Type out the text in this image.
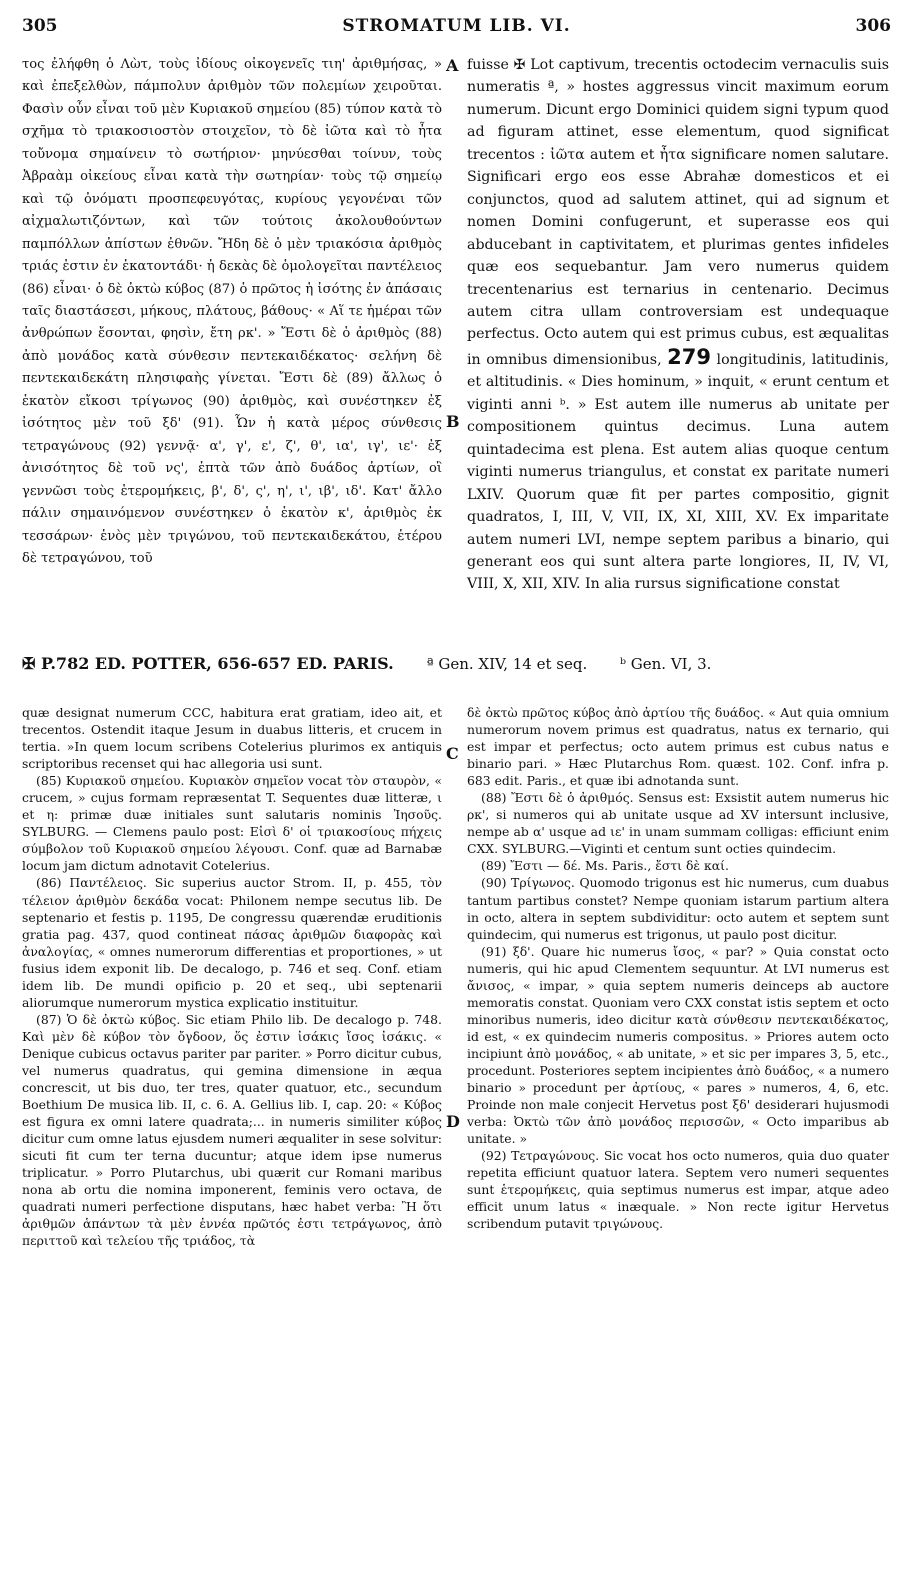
305	STROMATUM LIB. VI.	306

τος ἐλήφθη ὁ Λὼτ, τοὺς ἰδίους οἰκογενεῖς τιη' ἀριθμήσας, » καὶ ἐπεξελθὼν, πάμπολυν ἀριθμὸν τῶν πολεμίων χειροῦται. Φασὶν οὖν εἶναι τοῦ μὲν Κυριακοῦ σημείου (85) τύπον κατὰ τὸ σχῆμα τὸ τριακοσιοστὸν στοιχεῖον, τὸ δὲ ἰῶτα καὶ τὸ ἦτα τοὔνομα σημαίνειν τὸ σωτήριον· μηνύεσθαι τοίνυν, τοὺς Ἀβραὰμ οἰκείους εἶναι κατὰ τὴν σωτηρίαν· τοὺς τῷ σημείῳ καὶ τῷ ὀνόματι προσπεφευγότας, κυρίους γεγονέναι τῶν αἰχμαλωτιζόντων, καὶ τῶν τούτοις ἀκολουθούντων παμπόλλων ἀπίστων ἐθνῶν. Ἤδη δὲ ὁ μὲν τριακόσια ἀριθμὸς τριάς ἐστιν ἐν ἑκατοντάδι· ἡ δεκὰς δὲ ὁμολογεῖται παντέλειος (86) εἶναι· ὁ δὲ ὀκτὼ κύβος (87) ὁ πρῶτος ἡ ἰσότης ἐν ἁπάσαις ταῖς διαστάσεσι, μήκους, πλάτους, βάθους· « Αἵ τε ἡμέραι τῶν ἀνθρώπων ἔσονται, φησὶν, ἔτη ρκ'. » Ἔστι δὲ ὁ ἀριθμὸς (88) ἀπὸ μονάδος κατὰ σύνθεσιν πεντεκαιδέκατος· σελήνη δὲ πεντεκαιδεκάτη πλησιφαὴς γίνεται. Ἔστι δὲ (89) ἄλλως ὁ ἑκατὸν εἴκοσι τρίγωνος (90) ἀριθμὸς, καὶ συνέστηκεν ἐξ ἰσότητος μὲν τοῦ ξδ' (91). Ὧν ἡ κατὰ μέρος σύνθεσις τετραγώνους (92) γεννᾷ· α', γ', ε', ζ', θ', ια', ιγ', ιε'· ἐξ ἀνισότητος δὲ τοῦ νς', ἑπτὰ τῶν ἀπὸ δυάδος ἀρτίων, οἳ γεννῶσι τοὺς ἑτερομήκεις, β', δ', ς', η', ι', ιβ', ιδ'. Κατ' ἄλλο πάλιν σημαινόμενον συνέστηκεν ὁ ἑκατὸν κ', ἀριθμὸς ἐκ τεσσάρων· ἑνὸς μὲν τριγώνου, τοῦ πεντεκαιδεκάτου, ἑτέρου δὲ τετραγώνου, τοῦ

A
B
C
D

fuisse ✠ Lot captivum, trecentis octodecim vernaculis suis numeratis ª, » hostes aggressus vincit maximum eorum numerum. Dicunt ergo Dominici quidem signi typum quod ad figuram attinet, esse elementum, quod significat trecentos : ἰῶτα autem et ἦτα significare nomen salutare. Significari ergo eos esse Abrahæ domesticos et ei conjunctos, quod ad salutem attinet, qui ad signum et nomen Domini confugerunt, et superasse eos qui abducebant in captivitatem, et plurimas gentes infideles quæ eos sequebantur. Jam vero numerus quidem trecentenarius est ternarius in centenario. Decimus autem citra ullam controversiam est undequaque perfectus. Octo autem qui est primus cubus, est æqualitas in omnibus dimensionibus, 279 longitudinis, latitudinis, et altitudinis. « Dies hominum, » inquit, « erunt centum et viginti anni ᵇ. » Est autem ille numerus ab unitate per compositionem quintus decimus. Luna autem quintadecima est plena. Est autem alias quoque centum viginti numerus triangulus, et constat ex paritate numeri LXIV. Quorum quæ fit per partes compositio, gignit quadratos, I, III, V, VII, IX, XI, XIII, XV. Ex imparitate autem numeri LVI, nempe septem paribus a binario, qui generant eos qui sunt altera parte longiores, II, IV, VI, VIII, X, XII, XIV. In alia rursus significatione constat

✠ P.782 ED. POTTER, 656-657 ED. PARIS. ª Gen. XIV, 14 et seq. ᵇ Gen. VI, 3.

quæ designat numerum CCC, habitura erat gratiam, ideo ait, et trecentos. Ostendit itaque Jesum in duabus litteris, et crucem in tertia. »In quem locum scribens Cotelerius plurimos ex antiquis scriptoribus recenset qui hac allegoria usi sunt.

(85) Κυριακοῦ σημείου. Κυριακὸν σημεῖον vocat τὸν σταυρὸν, « crucem, » cujus formam repræsentat T. Sequentes duæ litteræ, ι et η: primæ duæ initiales sunt salutaris nominis Ἰησοῦς. SYLBURG. — Clemens paulo post: Εἰσὶ δ' οἱ τριακοσίους πήχεις σύμβολον τοῦ Κυριακοῦ σημείου λέγουσι. Conf. quæ ad Barnabæ locum jam dictum adnotavit Cotelerius.

(86) Παντέλειος. Sic superius auctor Strom. II, p. 455, τὸν τέλειον ἀριθμὸν δεκάδα vocat: Philonem nempe secutus lib. De septenario et festis p. 1195, De congressu quærendæ eruditionis gratia pag. 437, quod contineat πάσας ἀριθμῶν διαφορὰς καὶ ἀναλογίας, « omnes numerorum differentias et proportiones, » ut fusius idem exponit lib. De decalogo, p. 746 et seq. Conf. etiam idem lib. De mundi opificio p. 20 et seq., ubi septenarii aliorumque numerorum mystica explicatio instituitur.

(87) Ὁ δὲ ὀκτὼ κύβος. Sic etiam Philo lib. De decalogo p. 748. Καὶ μὲν δὲ κύβον τὸν ὄγδοον, ὅς ἐστιν ἰσάκις ἴσος ἰσάκις. « Denique cubicus octavus pariter par pariter. » Porro dicitur cubus, vel numerus quadratus, qui gemina dimensione in æqua concrescit, ut bis duo, ter tres, quater quatuor, etc., secundum Boethium De musica lib. II, c. 6. A. Gellius lib. I, cap. 20: « Κύβος est figura ex omni latere quadrata;... in numeris similiter κύβος dicitur cum omne latus ejusdem numeri æqualiter in sese solvitur: sicuti fit cum ter terna ducuntur; atque idem ipse numerus triplicatur. » Porro Plutarchus, ubi quærit cur Romani maribus nona ab ortu die nomina imponerent, feminis vero octava, de quadrati numeri perfectione disputans, hæc habet verba: Ἢ ὅτι ἀριθμῶν ἁπάντων τὰ μὲν ἐννέα πρῶτός ἐστι τετράγωνος, ἀπὸ περιττοῦ καὶ τελείου τῆς τριάδος, τὰ

δὲ ὀκτὼ πρῶτος κύβος ἀπὸ ἀρτίου τῆς δυάδος. « Aut quia omnium numerorum novem primus est quadratus, natus ex ternario, qui est impar et perfectus; octo autem primus est cubus natus e binario pari. » Hæc Plutarchus Rom. quæst. 102. Conf. infra p. 683 edit. Paris., et quæ ibi adnotanda sunt.

(88) Ἔστι δὲ ὁ ἀριθμός. Sensus est: Exsistit autem numerus hic ρκ', si numeros qui ab unitate usque ad XV intersunt inclusive, nempe ab α' usque ad ιε' in unam summam colligas: efficiunt enim CXX. SYLBURG.—Viginti et centum sunt octies quindecim.

(89) Ἔστι — δέ. Ms. Paris., ἔστι δὲ καί.

(90) Τρίγωνος. Quomodo trigonus est hic numerus, cum duabus tantum partibus constet? Nempe quoniam istarum partium altera in octo, altera in septem subdividitur: octo autem et septem sunt quindecim, qui numerus est trigonus, ut paulo post dicitur.

(91) ξδ'. Quare hic numerus ἴσος, « par? » Quia constat octo numeris, qui hic apud Clementem sequuntur. At LVI numerus est ἄνισος, « impar, » quia septem numeris deinceps ab auctore memoratis constat. Quoniam vero CXX constat istis septem et octo minoribus numeris, ideo dicitur κατὰ σύνθεσιν πεντεκαιδέκατος, id est, « ex quindecim numeris compositus. » Priores autem octo incipiunt ἀπὸ μονάδος, « ab unitate, » et sic per impares 3, 5, etc., procedunt. Posteriores septem incipientes ἀπὸ δυάδος, « a numero binario » procedunt per ἀρτίους, « pares » numeros, 4, 6, etc. Proinde non male conjecit Hervetus post ξδ' desiderari hujusmodi verba: Ὀκτὼ τῶν ἀπὸ μονάδος περισσῶν, « Octo imparibus ab unitate. »

(92) Τετραγώνους. Sic vocat hos octo numeros, quia duo quater repetita efficiunt quatuor latera. Septem vero numeri sequentes sunt ἑτερομήκεις, quia septimus numerus est impar, atque adeo efficit unum latus « inæquale. » Non recte igitur Hervetus scribendum putavit τριγώνους.
